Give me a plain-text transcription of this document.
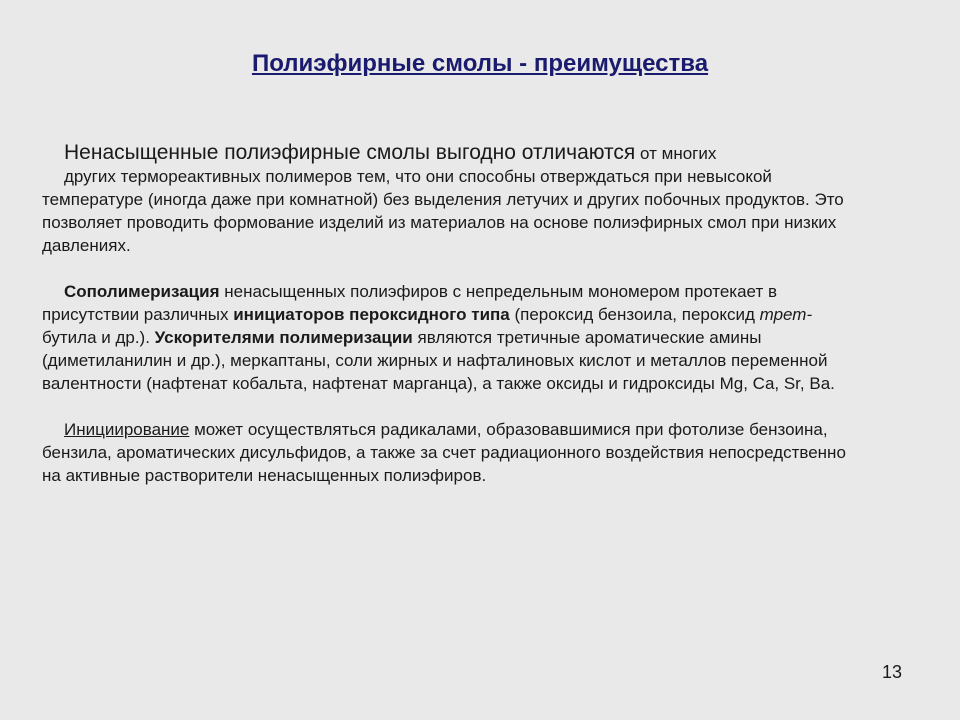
Полиэфирные смолы - преимущества
Ненасыщенные полиэфирные смолы выгодно отличаются от многих
других термореактивных полимеров тем, что они способны отверждаться при невысокой
температуре (иногда даже при комнатной) без выделения летучих и других побочных продуктов. Это
позволяет проводить формование изделий из материалов на основе полиэфирных смол при низких
давлениях.
Сополимеризация ненасыщенных полиэфиров с непредельным мономером протекает в
присутствии различных инициаторов пероксидного типа (пероксид бензоила, пероксид трет-
бутила и др.). Ускорителями полимеризации являются третичные ароматические амины
(диметиланилин и др.), меркаптаны, соли жирных и нафталиновых кислот и металлов переменной
валентности (нафтенат кобальта, нафтенат марганца), а также оксиды и гидроксиды Mg, Ca, Sr, Ba.
Инициирование может осуществляться радикалами, образовавшимися при фотолизе бензоина,
бензила, ароматических дисульфидов, а также за счет радиационного воздействия непосредственно
на активные растворители ненасыщенных полиэфиров.
13
